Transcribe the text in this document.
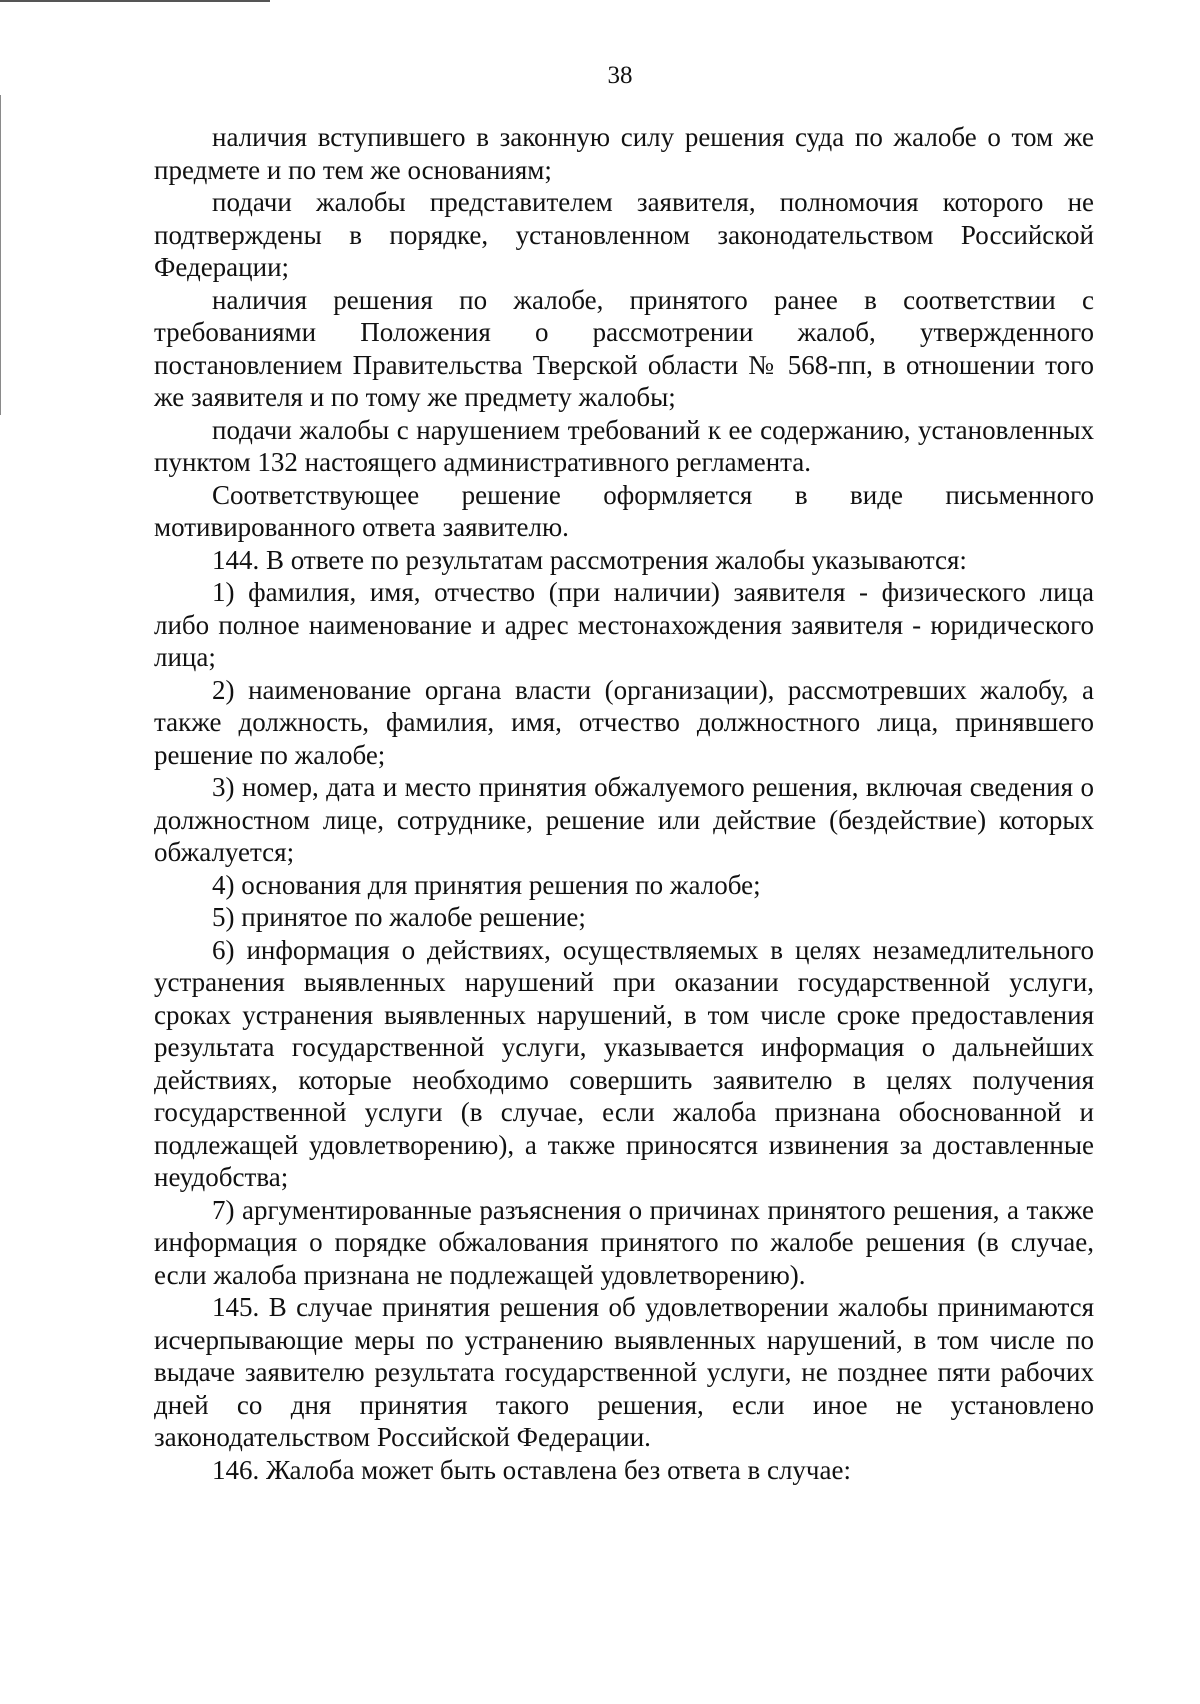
38

наличия вступившего в законную силу решения суда по жалобе о том же предмете и по тем же основаниям;

подачи жалобы представителем заявителя, полномочия которого не подтверждены в порядке, установленном законодательством Российской Федерации;

наличия решения по жалобе, принятого ранее в соответствии с требованиями Положения о рассмотрении жалоб, утвержденного постановлением Правительства Тверской области № 568-пп, в отношении того же заявителя и по тому же предмету жалобы;

подачи жалобы с нарушением требований к ее содержанию, установленных пунктом 132 настоящего административного регламента.

Соответствующее решение оформляется в виде письменного мотивированного ответа заявителю.

144. В ответе по результатам рассмотрения жалобы указываются:

1) фамилия, имя, отчество (при наличии) заявителя - физического лица либо полное наименование и адрес местонахождения заявителя - юридического лица;

2) наименование органа власти (организации), рассмотревших жалобу, а также должность, фамилия, имя, отчество должностного лица, принявшего решение по жалобе;

3) номер, дата и место принятия обжалуемого решения, включая сведения о должностном лице, сотруднике, решение или действие (бездействие) которых обжалуется;

4) основания для принятия решения по жалобе;

5) принятое по жалобе решение;

6) информация о действиях, осуществляемых в целях незамедлительного устранения выявленных нарушений при оказании государственной услуги, сроках устранения выявленных нарушений, в том числе сроке предоставления результата государственной услуги, указывается информация о дальнейших действиях, которые необходимо совершить заявителю в целях получения государственной услуги (в случае, если жалоба признана обоснованной и подлежащей удовлетворению), а также приносятся извинения за доставленные неудобства;

7) аргументированные разъяснения о причинах принятого решения, а также информация о порядке обжалования принятого по жалобе решения (в случае, если жалоба признана не подлежащей удовлетворению).

145. В случае принятия решения об удовлетворении жалобы принимаются исчерпывающие меры по устранению выявленных нарушений, в том числе по выдаче заявителю результата государственной услуги, не позднее пяти рабочих дней со дня принятия такого решения, если иное не установлено законодательством Российской Федерации.

146. Жалоба может быть оставлена без ответа в случае:
